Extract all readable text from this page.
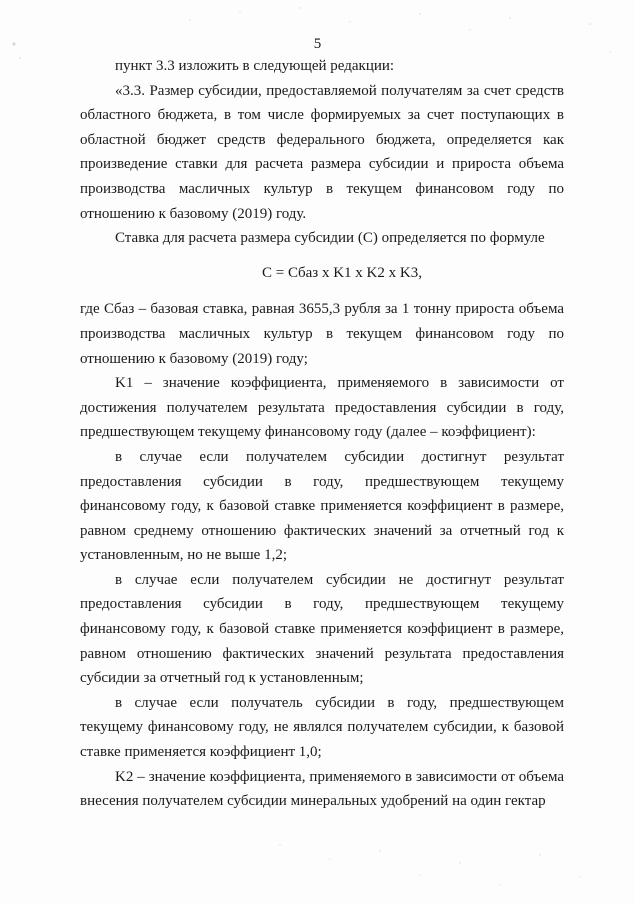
5

пункт 3.3 изложить в следующей редакции:

«3.3. Размер субсидии, предоставляемой получателям за счет средств областного бюджета, в том числе формируемых за счет поступающих в областной бюджет средств федерального бюджета, определяется как произведение ставки для расчета размера субсидии и прироста объема производства масличных культур в текущем финансовом году по отношению к базовому (2019) году.

Ставка для расчета размера субсидии (С) определяется по формуле

С = Cбаз х K1 х K2 х K3,

где Cбаз – базовая ставка, равная 3655,3 рубля за 1 тонну прироста объема производства масличных культур в текущем финансовом году по отношению к базовому (2019) году;

K1 – значение коэффициента, применяемого в зависимости от достижения получателем результата предоставления субсидии в году, предшествующем текущему финансовому году (далее – коэффициент):

в случае если получателем субсидии достигнут результат предоставления субсидии в году, предшествующем текущему финансовому году, к базовой ставке применяется коэффициент в размере, равном среднему отношению фактических значений за отчетный год к установленным, но не выше 1,2;

в случае если получателем субсидии не достигнут результат предоставления субсидии в году, предшествующем текущему финансовому году, к базовой ставке применяется коэффициент в размере, равном отношению фактических значений результата предоставления субсидии за отчетный год к установленным;

в случае если получатель субсидии в году, предшествующем текущему финансовому году, не являлся получателем субсидии, к базовой ставке применяется коэффициент 1,0;

K2 – значение коэффициента, применяемого в зависимости от объема внесения получателем субсидии минеральных удобрений на один гектар
